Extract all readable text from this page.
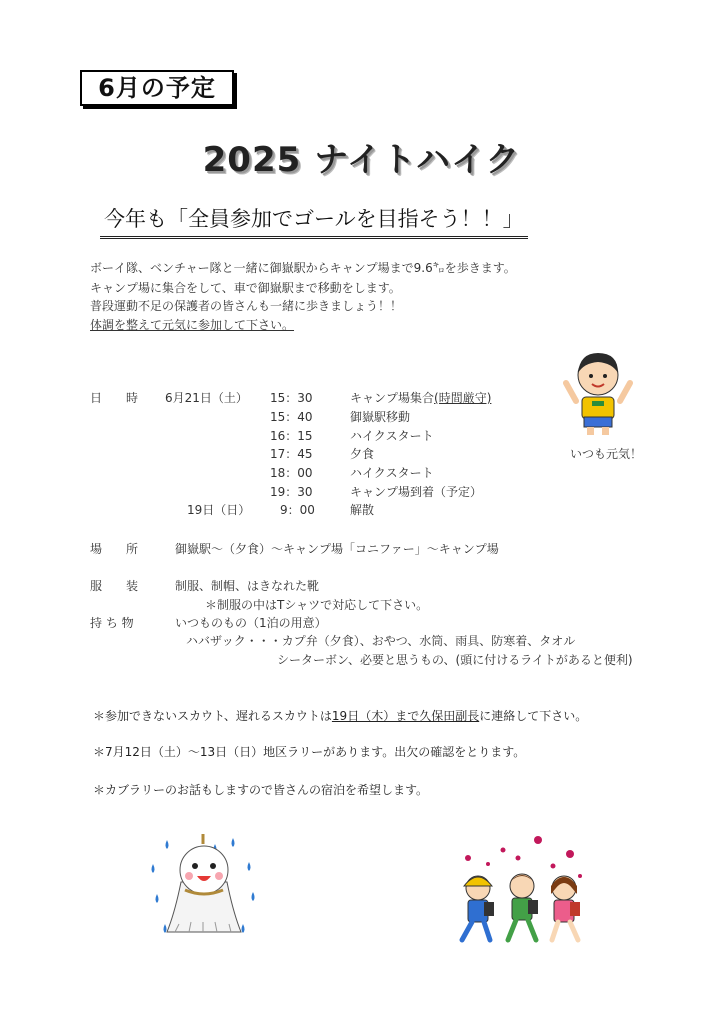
6月の予定
2025 ナイトハイク
今年も「全員参加でゴールを目指そう！！」
ボーイ隊、ベンチャー隊と一緒に御嶽駅からキャンプ場まで9.6㌔を歩きます。
キャンプ場に集合をして、車で御嶽駅まで移動をします。
普段運動不足の保護者の皆さんも一緒に歩きましょう！！
体調を整えて元気に参加して下さい。
日　　時 6月21日（土） 15：30	キャンプ場集合(時間厳守)
15：40	御嶽駅移動
16：15	ハイクスタート
17：45	夕食
18：00	ハイクスタート
19：30	キャンプ場到着（予定）
19日（日） 9：00	解散
いつも元気！
場　　所	御嶽駅～（夕食）～キャンプ場「コニファー」～キャンプ場
服　　装	制服、制帽、はきなれた靴
＊制服の中はTシャツで対応して下さい。
持 ち 物	いつものもの（1泊の用意）
ハバザック・・・カプ弁（夕食）、おやつ、水筒、雨具、防寒着、タオル
シーターボン、必要と思うもの、(頭に付けるライトがあると便利)
＊参加できないスカウト、遅れるスカウトは19日（木）まで久保田副長に連絡して下さい。
＊7月12日（土）～13日（日）地区ラリーがあります。出欠の確認をとります。
＊カブラリーのお話もしますので皆さんの宿泊を希望します。
